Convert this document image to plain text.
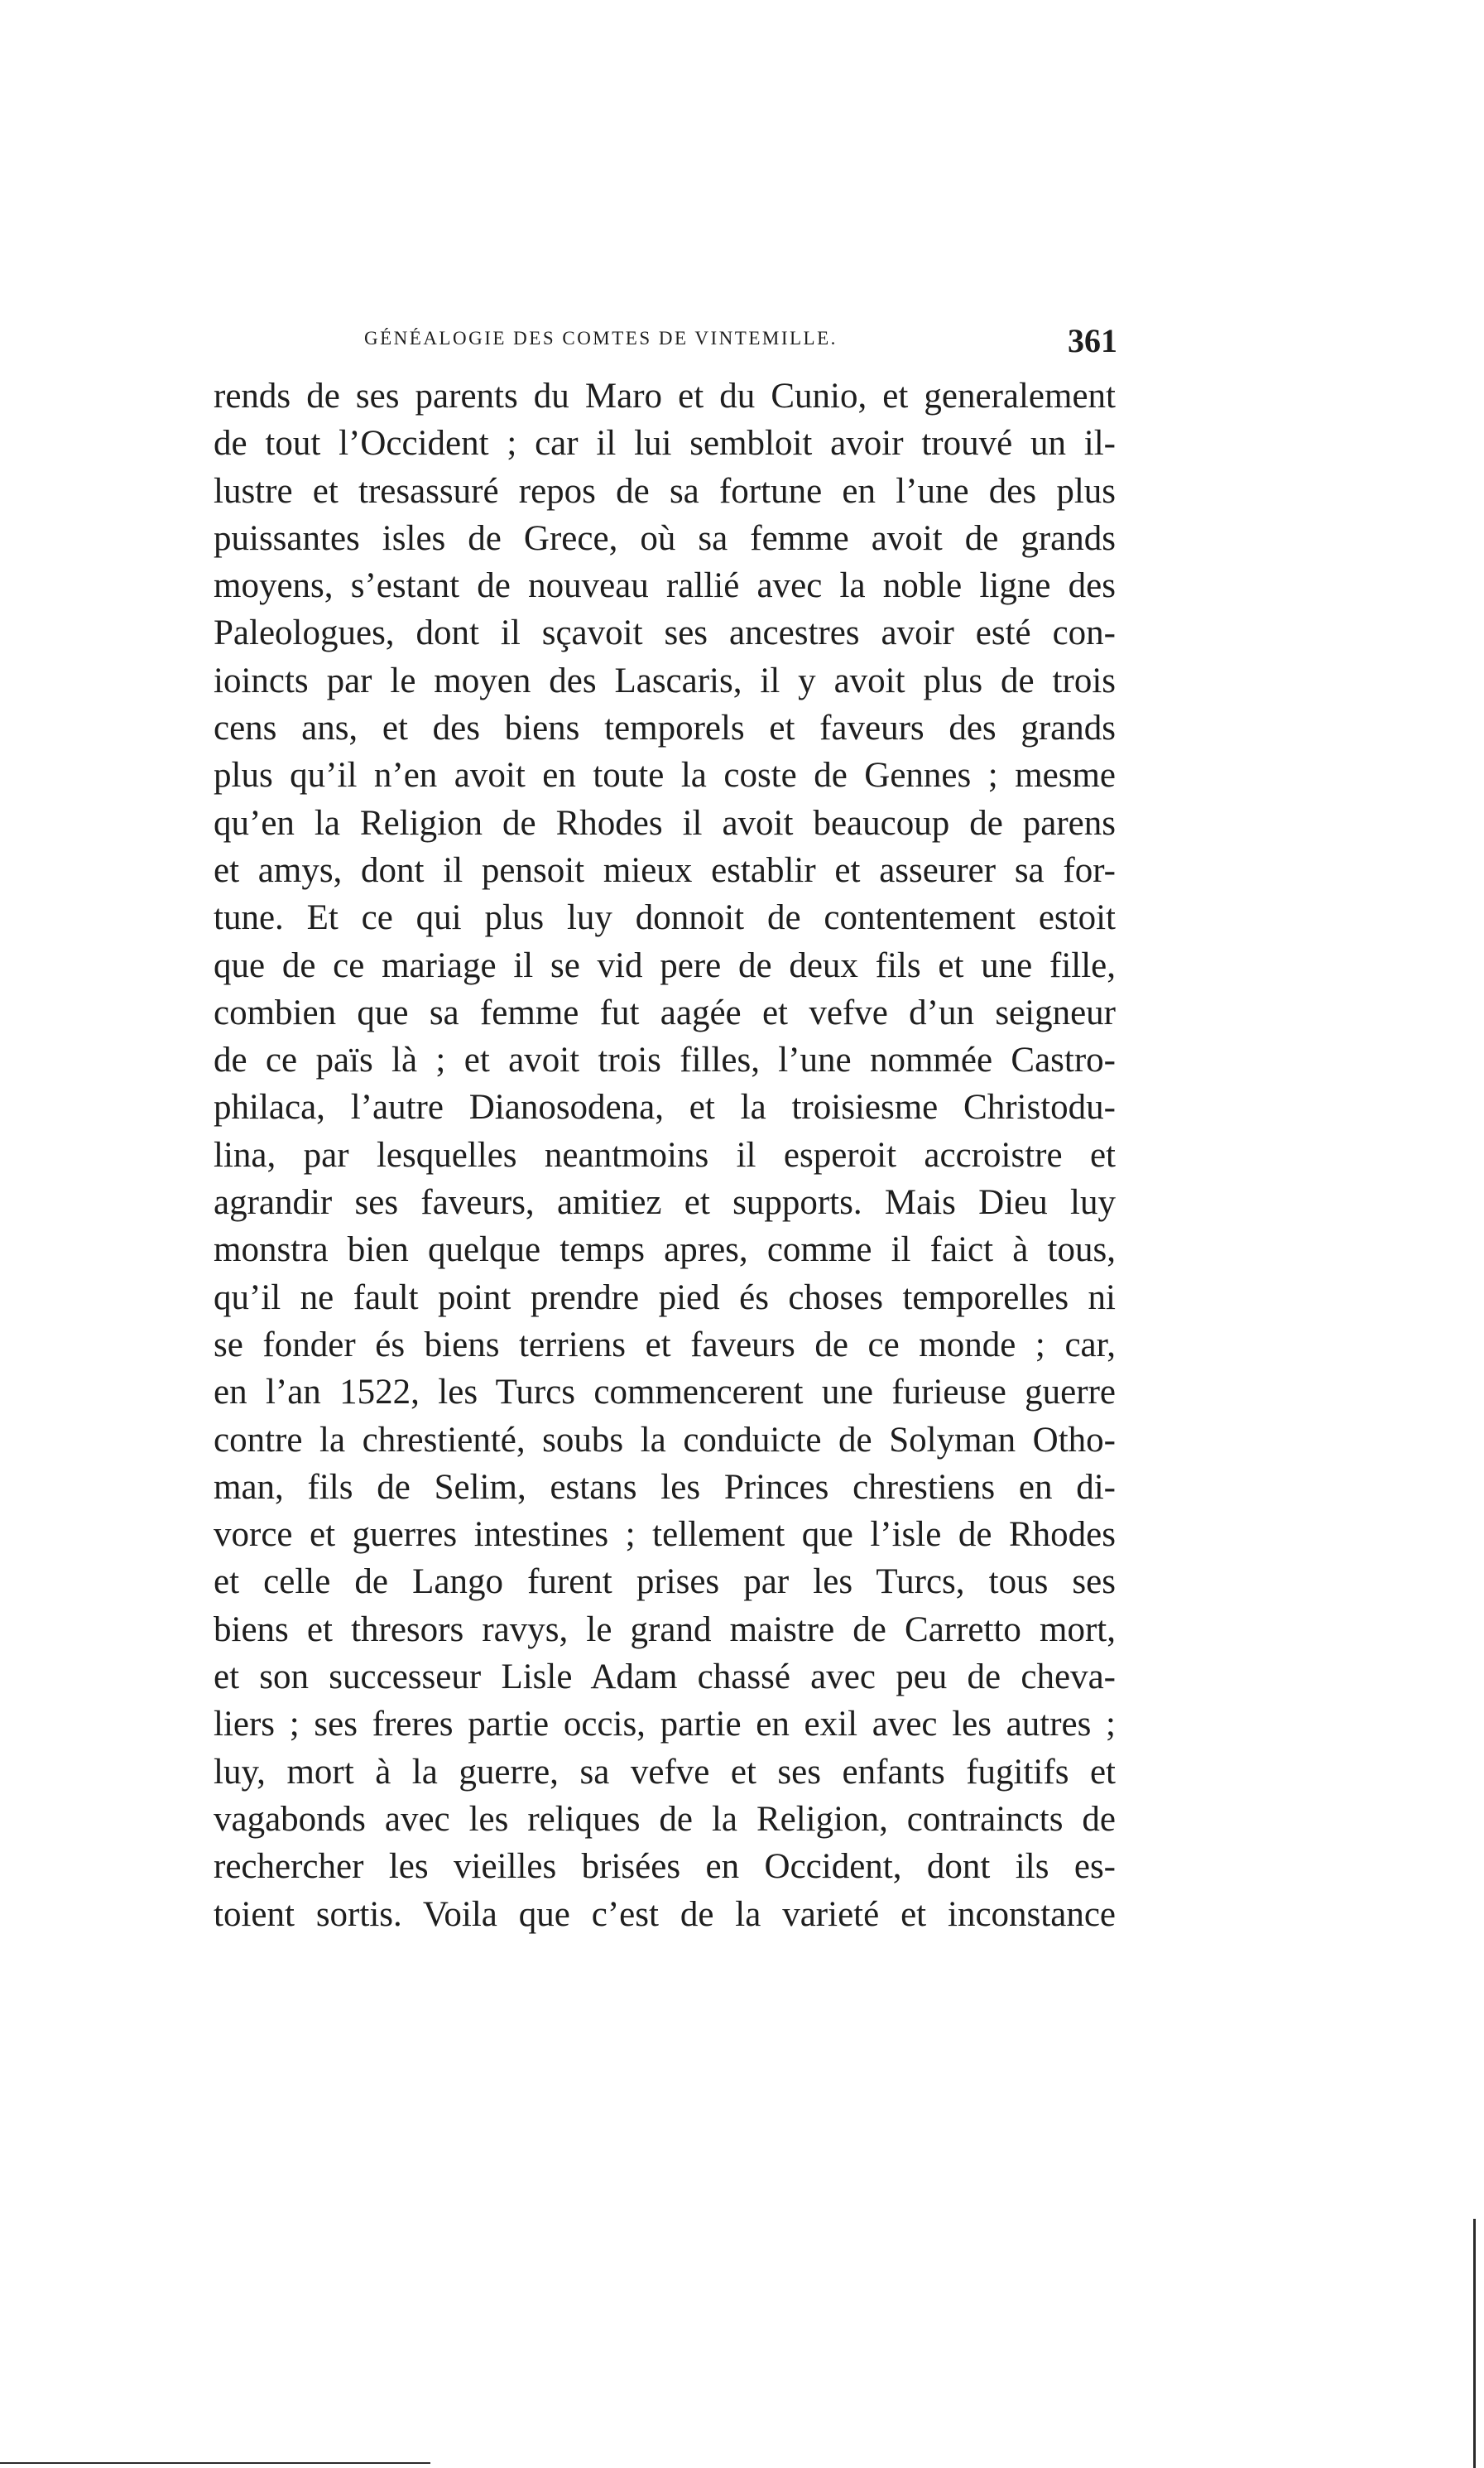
GÉNÉALOGIE DES COMTES DE VINTEMILLE.	361
rends de ses parents du Maro et du Cunio, et generalement
de tout l’Occident ; car il lui sembloit avoir trouvé un il-
lustre et tresassuré repos de sa fortune en l’une des plus
puissantes isles de Grece, où sa femme avoit de grands
moyens, s’estant de nouveau rallié avec la noble ligne des
Paleologues, dont il sçavoit ses ancestres avoir esté con-
ioincts par le moyen des Lascaris, il y avoit plus de trois
cens ans, et des biens temporels et faveurs des grands
plus qu’il n’en avoit en toute la coste de Gennes ; mesme
qu’en la Religion de Rhodes il avoit beaucoup de parens
et amys, dont il pensoit mieux establir et asseurer sa for-
tune. Et ce qui plus luy donnoit de contentement estoit
que de ce mariage il se vid pere de deux fils et une fille,
combien que sa femme fut aagée et vefve d’un seigneur
de ce païs là ; et avoit trois filles, l’une nommée Castro-
philaca, l’autre Dianosodena, et la troisiesme Christodu-
lina, par lesquelles neantmoins il esperoit accroistre et
agrandir ses faveurs, amitiez et supports. Mais Dieu luy
monstra bien quelque temps apres, comme il faict à tous,
qu’il ne fault point prendre pied és choses temporelles ni
se fonder és biens terriens et faveurs de ce monde ; car,
en l’an 1522, les Turcs commencerent une furieuse guerre
contre la chrestienté, soubs la conduicte de Solyman Otho-
man, fils de Selim, estans les Princes chrestiens en di-
vorce et guerres intestines ; tellement que l’isle de Rhodes
et celle de Lango furent prises par les Turcs, tous ses
biens et thresors ravys, le grand maistre de Carretto mort,
et son successeur Lisle Adam chassé avec peu de cheva-
liers ; ses freres partie occis, partie en exil avec les autres ;
luy, mort à la guerre, sa vefve et ses enfants fugitifs et
vagabonds avec les reliques de la Religion, contraincts de
rechercher les vieilles brisées en Occident, dont ils es-
toient sortis. Voila que c’est de la varieté et inconstance
